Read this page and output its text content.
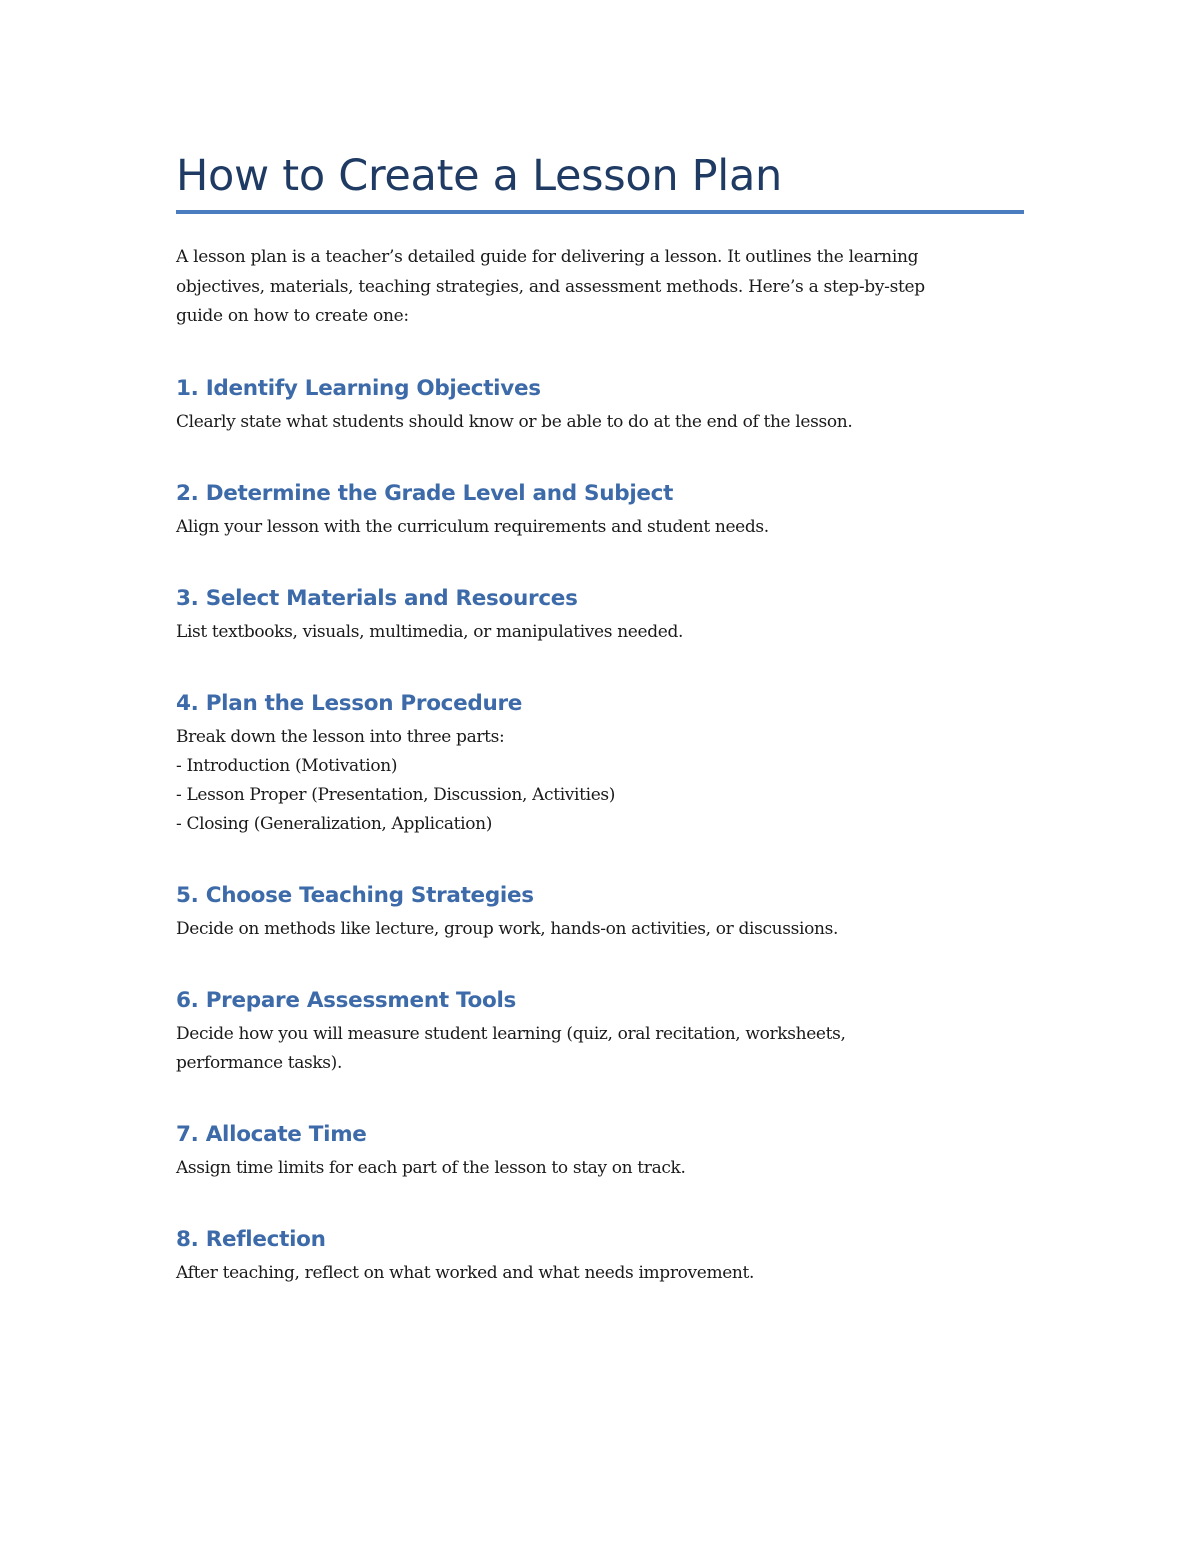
How to Create a Lesson Plan

A lesson plan is a teacher’s detailed guide for delivering a lesson. It outlines the learning
objectives, materials, teaching strategies, and assessment methods. Here’s a step-by-step
guide on how to create one:

1. Identify Learning Objectives

Clearly state what students should know or be able to do at the end of the lesson.

2. Determine the Grade Level and Subject

Align your lesson with the curriculum requirements and student needs.

3. Select Materials and Resources

List textbooks, visuals, multimedia, or manipulatives needed.

4. Plan the Lesson Procedure

Break down the lesson into three parts:
- Introduction (Motivation)
- Lesson Proper (Presentation, Discussion, Activities)
- Closing (Generalization, Application)

5. Choose Teaching Strategies

Decide on methods like lecture, group work, hands-on activities, or discussions.

6. Prepare Assessment Tools

Decide how you will measure student learning (quiz, oral recitation, worksheets,
performance tasks).

7. Allocate Time

Assign time limits for each part of the lesson to stay on track.

8. Reflection

After teaching, reflect on what worked and what needs improvement.
